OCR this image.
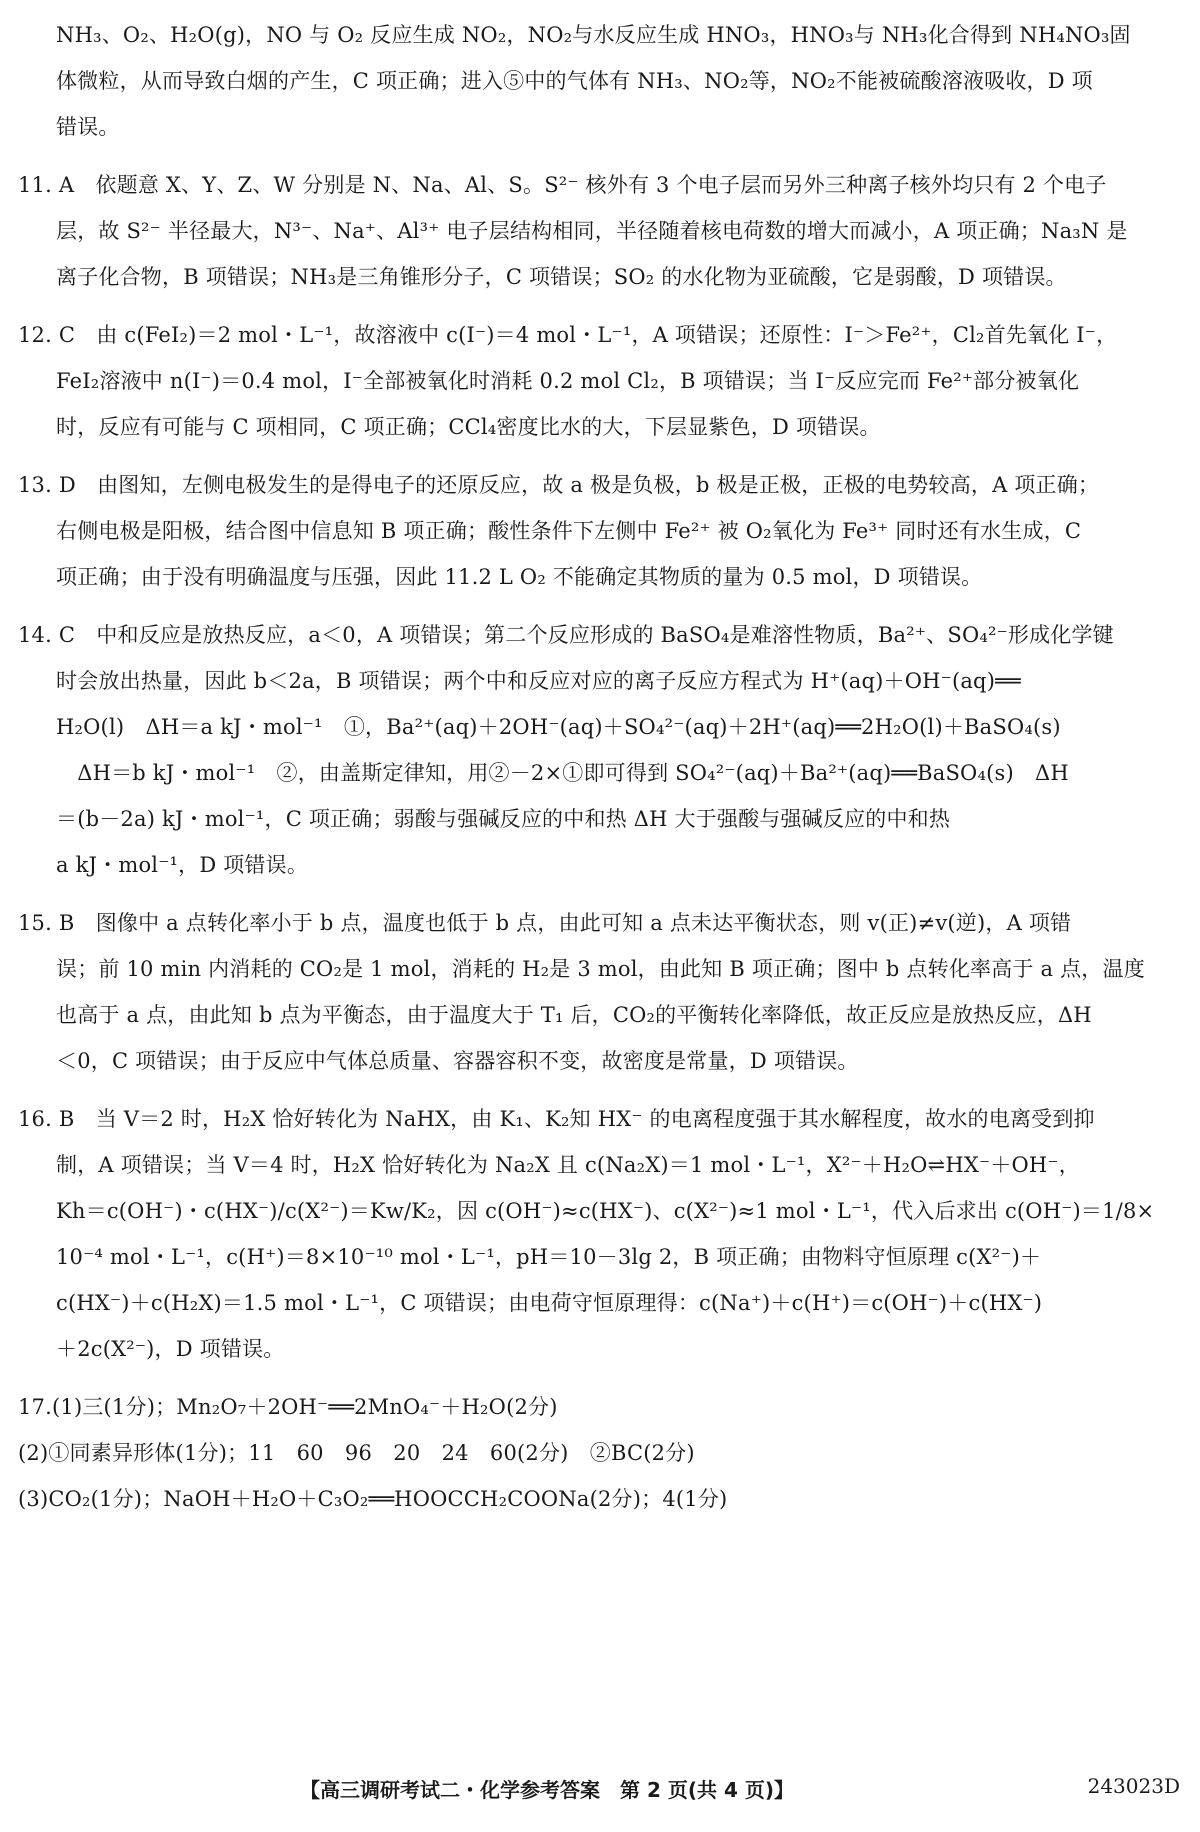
NH₃、O₂、H₂O(g)，NO 与 O₂ 反应生成 NO₂，NO₂与水反应生成 HNO₃，HNO₃与 NH₃化合得到 NH₄NO₃固
体微粒，从而导致白烟的产生，C 项正确；进入⑤中的气体有 NH₃、NO₂等，NO₂不能被硫酸溶液吸收，D 项
错误。
11. A　依题意 X、Y、Z、W 分别是 N、Na、Al、S。S²⁻ 核外有 3 个电子层而另外三种离子核外均只有 2 个电子
层，故 S²⁻ 半径最大，N³⁻、Na⁺、Al³⁺ 电子层结构相同，半径随着核电荷数的增大而减小，A 项正确；Na₃N 是
离子化合物，B 项错误；NH₃是三角锥形分子，C 项错误；SO₂ 的水化物为亚硫酸，它是弱酸，D 项错误。
12. C　由 c(FeI₂)＝2 mol・L⁻¹，故溶液中 c(I⁻)＝4 mol・L⁻¹，A 项错误；还原性：I⁻＞Fe²⁺，Cl₂首先氧化 I⁻，
FeI₂溶液中 n(I⁻)＝0.4 mol，I⁻全部被氧化时消耗 0.2 mol Cl₂，B 项错误；当 I⁻反应完而 Fe²⁺部分被氧化
时，反应有可能与 C 项相同，C 项正确；CCl₄密度比水的大，下层显紫色，D 项错误。
13. D　由图知，左侧电极发生的是得电子的还原反应，故 a 极是负极，b 极是正极，正极的电势较高，A 项正确；
右侧电极是阳极，结合图中信息知 B 项正确；酸性条件下左侧中 Fe²⁺ 被 O₂氧化为 Fe³⁺ 同时还有水生成，C
项正确；由于没有明确温度与压强，因此 11.2 L O₂ 不能确定其物质的量为 0.5 mol，D 项错误。
14. C　中和反应是放热反应，a＜0，A 项错误；第二个反应形成的 BaSO₄是难溶性物质，Ba²⁺、SO₄²⁻形成化学键
时会放出热量，因此 b＜2a，B 项错误；两个中和反应对应的离子反应方程式为 H⁺(aq)＋OH⁻(aq)══
H₂O(l)　ΔH＝a kJ・mol⁻¹　①，Ba²⁺(aq)＋2OH⁻(aq)＋SO₄²⁻(aq)＋2H⁺(aq)══2H₂O(l)＋BaSO₄(s)
　ΔH＝b kJ・mol⁻¹　②，由盖斯定律知，用②－2×①即可得到 SO₄²⁻(aq)＋Ba²⁺(aq)══BaSO₄(s)　ΔH
＝(b－2a) kJ・mol⁻¹，C 项正确；弱酸与强碱反应的中和热 ΔH 大于强酸与强碱反应的中和热
a kJ・mol⁻¹，D 项错误。
15. B　图像中 a 点转化率小于 b 点，温度也低于 b 点，由此可知 a 点未达平衡状态，则 v(正)≠v(逆)，A 项错
误；前 10 min 内消耗的 CO₂是 1 mol，消耗的 H₂是 3 mol，由此知 B 项正确；图中 b 点转化率高于 a 点，温度
也高于 a 点，由此知 b 点为平衡态，由于温度大于 T₁ 后，CO₂的平衡转化率降低，故正反应是放热反应，ΔH
＜0，C 项错误；由于反应中气体总质量、容器容积不变，故密度是常量，D 项错误。
16. B　当 V＝2 时，H₂X 恰好转化为 NaHX，由 K₁、K₂知 HX⁻ 的电离程度强于其水解程度，故水的电离受到抑
制，A 项错误；当 V＝4 时，H₂X 恰好转化为 Na₂X 且 c(Na₂X)＝1 mol・L⁻¹，X²⁻＋H₂O⇌HX⁻＋OH⁻，
Kh＝c(OH⁻)・c(HX⁻)/c(X²⁻)＝Kw/K₂，因 c(OH⁻)≈c(HX⁻)、c(X²⁻)≈1 mol・L⁻¹，代入后求出 c(OH⁻)＝1/8×
10⁻⁴ mol・L⁻¹，c(H⁺)＝8×10⁻¹⁰ mol・L⁻¹，pH＝10－3lg 2，B 项正确；由物料守恒原理 c(X²⁻)＋
c(HX⁻)＋c(H₂X)＝1.5 mol・L⁻¹，C 项错误；由电荷守恒原理得：c(Na⁺)＋c(H⁺)＝c(OH⁻)＋c(HX⁻)
＋2c(X²⁻)，D 项错误。
17.(1)三(1分)；Mn₂O₇＋2OH⁻══2MnO₄⁻＋H₂O(2分)
(2)①同素异形体(1分)；11　60　96　20　24　60(2分)　②BC(2分)
(3)CO₂(1分)；NaOH＋H₂O＋C₃O₂══HOOCCH₂COONa(2分)；4(1分)
【高三调研考试二・化学参考答案　第 2 页(共 4 页)】	243023D
